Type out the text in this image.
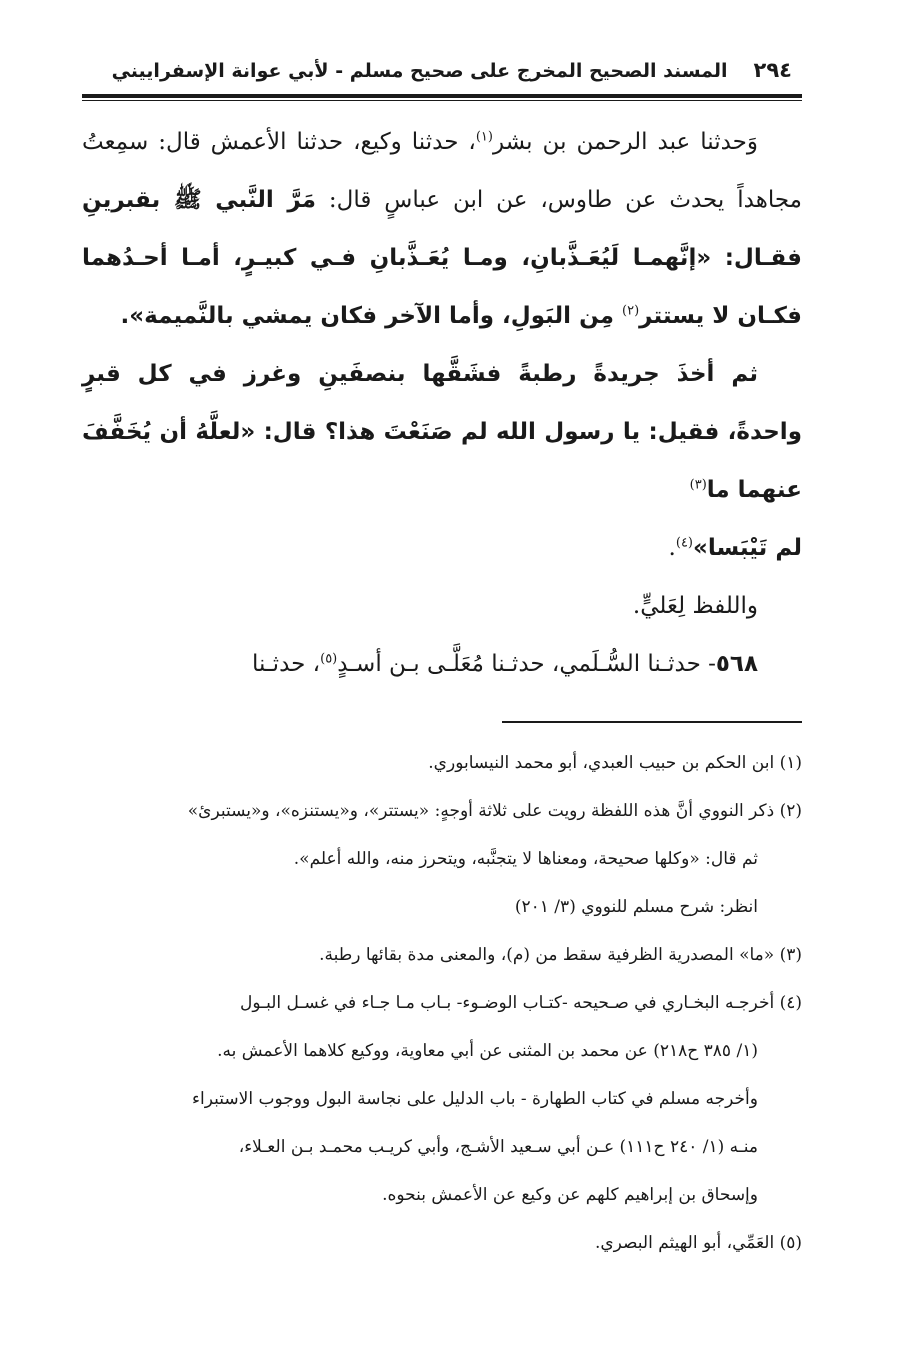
٢٩٤
المسند الصحيح المخرج على صحيح مسلم - لأبي عوانة الإسفراييني

وَحدثنا عبد الرحمن بن بشر$^{(١)}$، حدثنا وكيع، حدثنا الأعمش قال: سمِعتُ مجاهداً يحدث عن طاوس، عن ابن عباسٍ قال: مَرَّ النَّبي ﷺ بقبرينِ فقـال: «إنَّهمـا لَيُعَـذَّبانِ، ومـا يُعَـذَّبانِ فـي كبيـرٍ، أمـا أحـدُهما فكـان لا يستتر$^{(٢)}$ مِن البَولِ، وأما الآخر فكان يمشي بالنَّميمة».

ثم أخذَ جريدةً رطبةً فشَقَّها بنصفَينِ وغرز في كل قبرٍ واحدةً، فقيل: يا رسول الله لم صَنَعْتَ هذا؟ قال: «لعلَّهُ أن يُخَفَّفَ عنهما ما$^{(٣)}$
لم تَيْبَسا»$^{(٤)}$.

واللفظ لِعَليٍّ.

٥٦٨- حدثـنا السُّـلَمي، حدثـنا مُعَلَّـى بـن أسـدٍ$^{(٥)}$، حدثـنا

(١) ابن الحكم بن حبيب العبدي، أبو محمد النيسابوري.

(٢) ذكر النووي أنَّ هذه اللفظة رويت على ثلاثة أوجهٍ: «يستتر»، و«يستنزه»، و«يستبرئ»

ثم قال: «وكلها صحيحة، ومعناها لا يتجنَّبه، ويتحرز منه، والله أعلم».

انظر: شرح مسلم للنووي (٣/ ٢٠١)

(٣) «ما» المصدرية الظرفية سقط من (م)، والمعنى مدة بقائها رطبة.

(٤) أخرجـه البخـاري في صـحيحه -كتـاب الوضـوء- بـاب مـا جـاء في غسـل البـول

(١/ ٣٨٥ ح٢١٨) عن محمد بن المثنى عن أبي معاوية، ووكيع كلاهما الأعمش به.

وأخرجه مسلم في كتاب الطهارة - باب الدليل على نجاسة البول ووجوب الاستبراء

منـه (١/ ٢٤٠ ح١١١) عـن أبي سـعيد الأشـج، وأبي كريـب محمـد بـن العـلاء،

وإسحاق بن إبراهيم كلهم عن وكيع عن الأعمش بنحوه.

(٥) العَمِّي، أبو الهيثم البصري.
